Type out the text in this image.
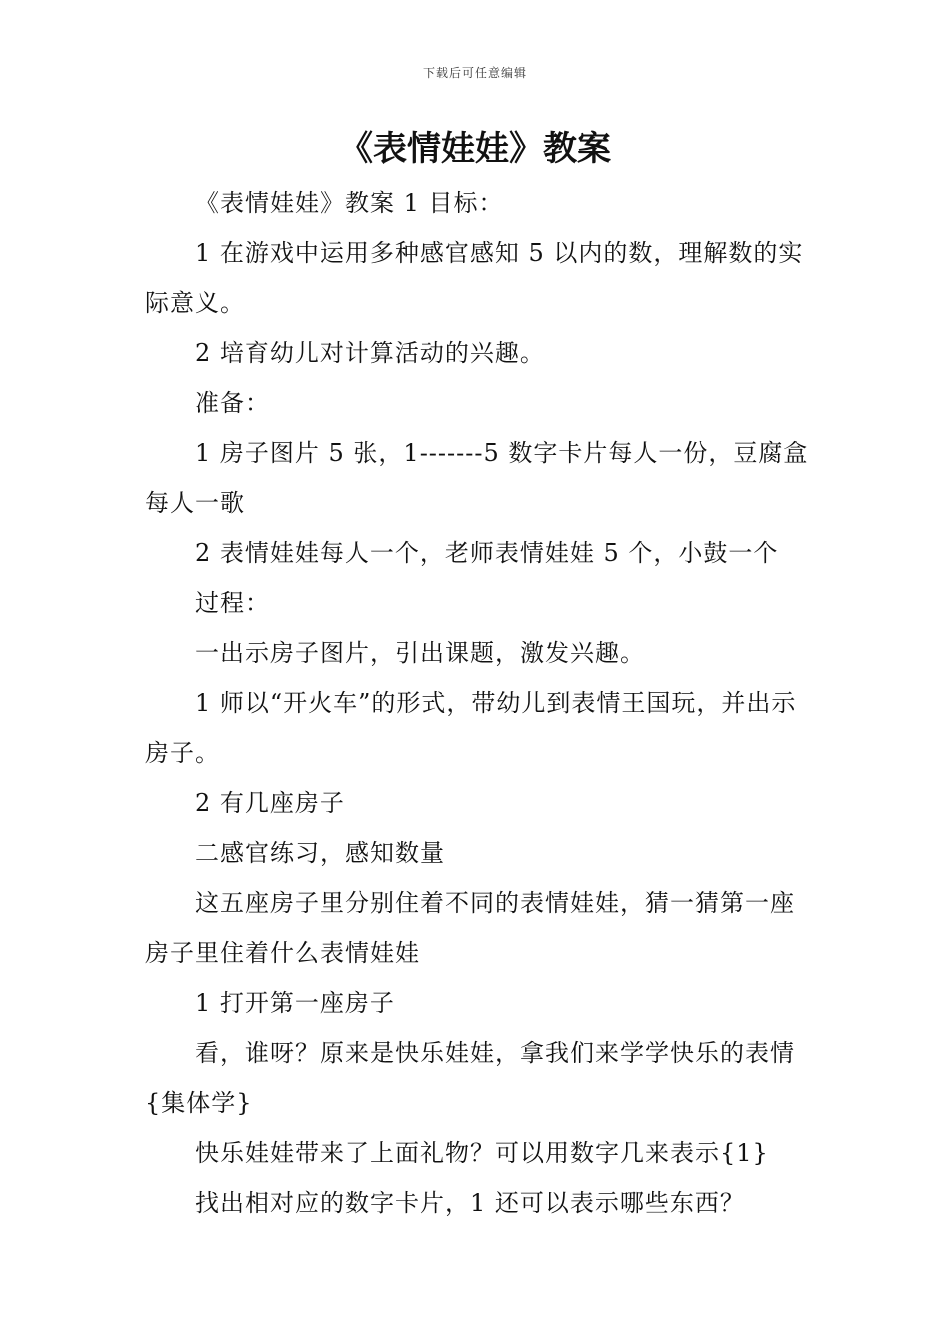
下载后可任意编辑
《表情娃娃》教案

《表情娃娃》教案 1 目标：

1 在游戏中运用多种感官感知 5 以内的数，理解数的实际意义。

2 培育幼儿对计算活动的兴趣。

准备：

1 房子图片 5 张，1-------5 数字卡片每人一份，豆腐盒每人一歌

2 表情娃娃每人一个，老师表情娃娃 5 个，小鼓一个

过程：

一出示房子图片，引出课题，激发兴趣。

1 师以“开火车”的形式，带幼儿到表情王国玩，并出示房子。

2 有几座房子

二感官练习，感知数量

这五座房子里分别住着不同的表情娃娃，猜一猜第一座房子里住着什么表情娃娃

1 打开第一座房子

看，谁呀？原来是快乐娃娃，拿我们来学学快乐的表情{集体学}

快乐娃娃带来了上面礼物？可以用数字几来表示{1}

找出相对应的数字卡片，1 还可以表示哪些东西？
